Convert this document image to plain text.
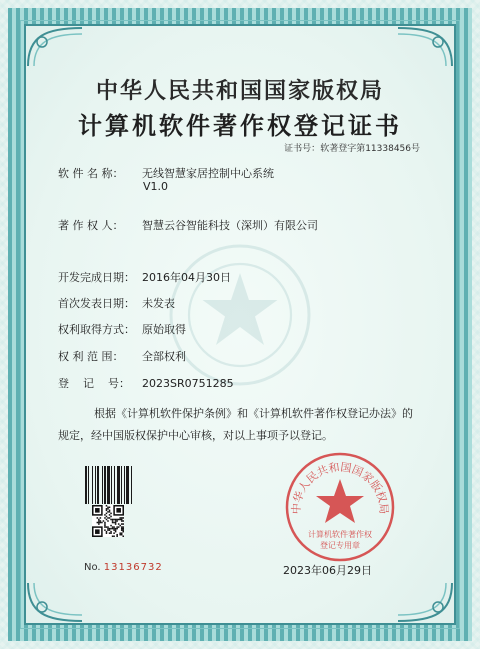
中华人民共和国国家版权局
计算机软件著作权登记证书
证书号：软著登字第11338456号
软 件 名 称： 无线智慧家居控制中心系统
V1.0
著 作 权 人： 智慧云谷智能科技（深圳）有限公司
开发完成日期： 2016年04月30日
首次发表日期： 未发表
权利取得方式： 原始取得
权 利 范 围： 全部权利
登    记    号： 2023SR0751285
根据《计算机软件保护条例》和《计算机软件著作权登记办法》的
规定，经中国版权保护中心审核，对以上事项予以登记。
中华人民共和国国家版权局
计算机软件著作权
登记专用章
No. 13136732	2023年06月29日
